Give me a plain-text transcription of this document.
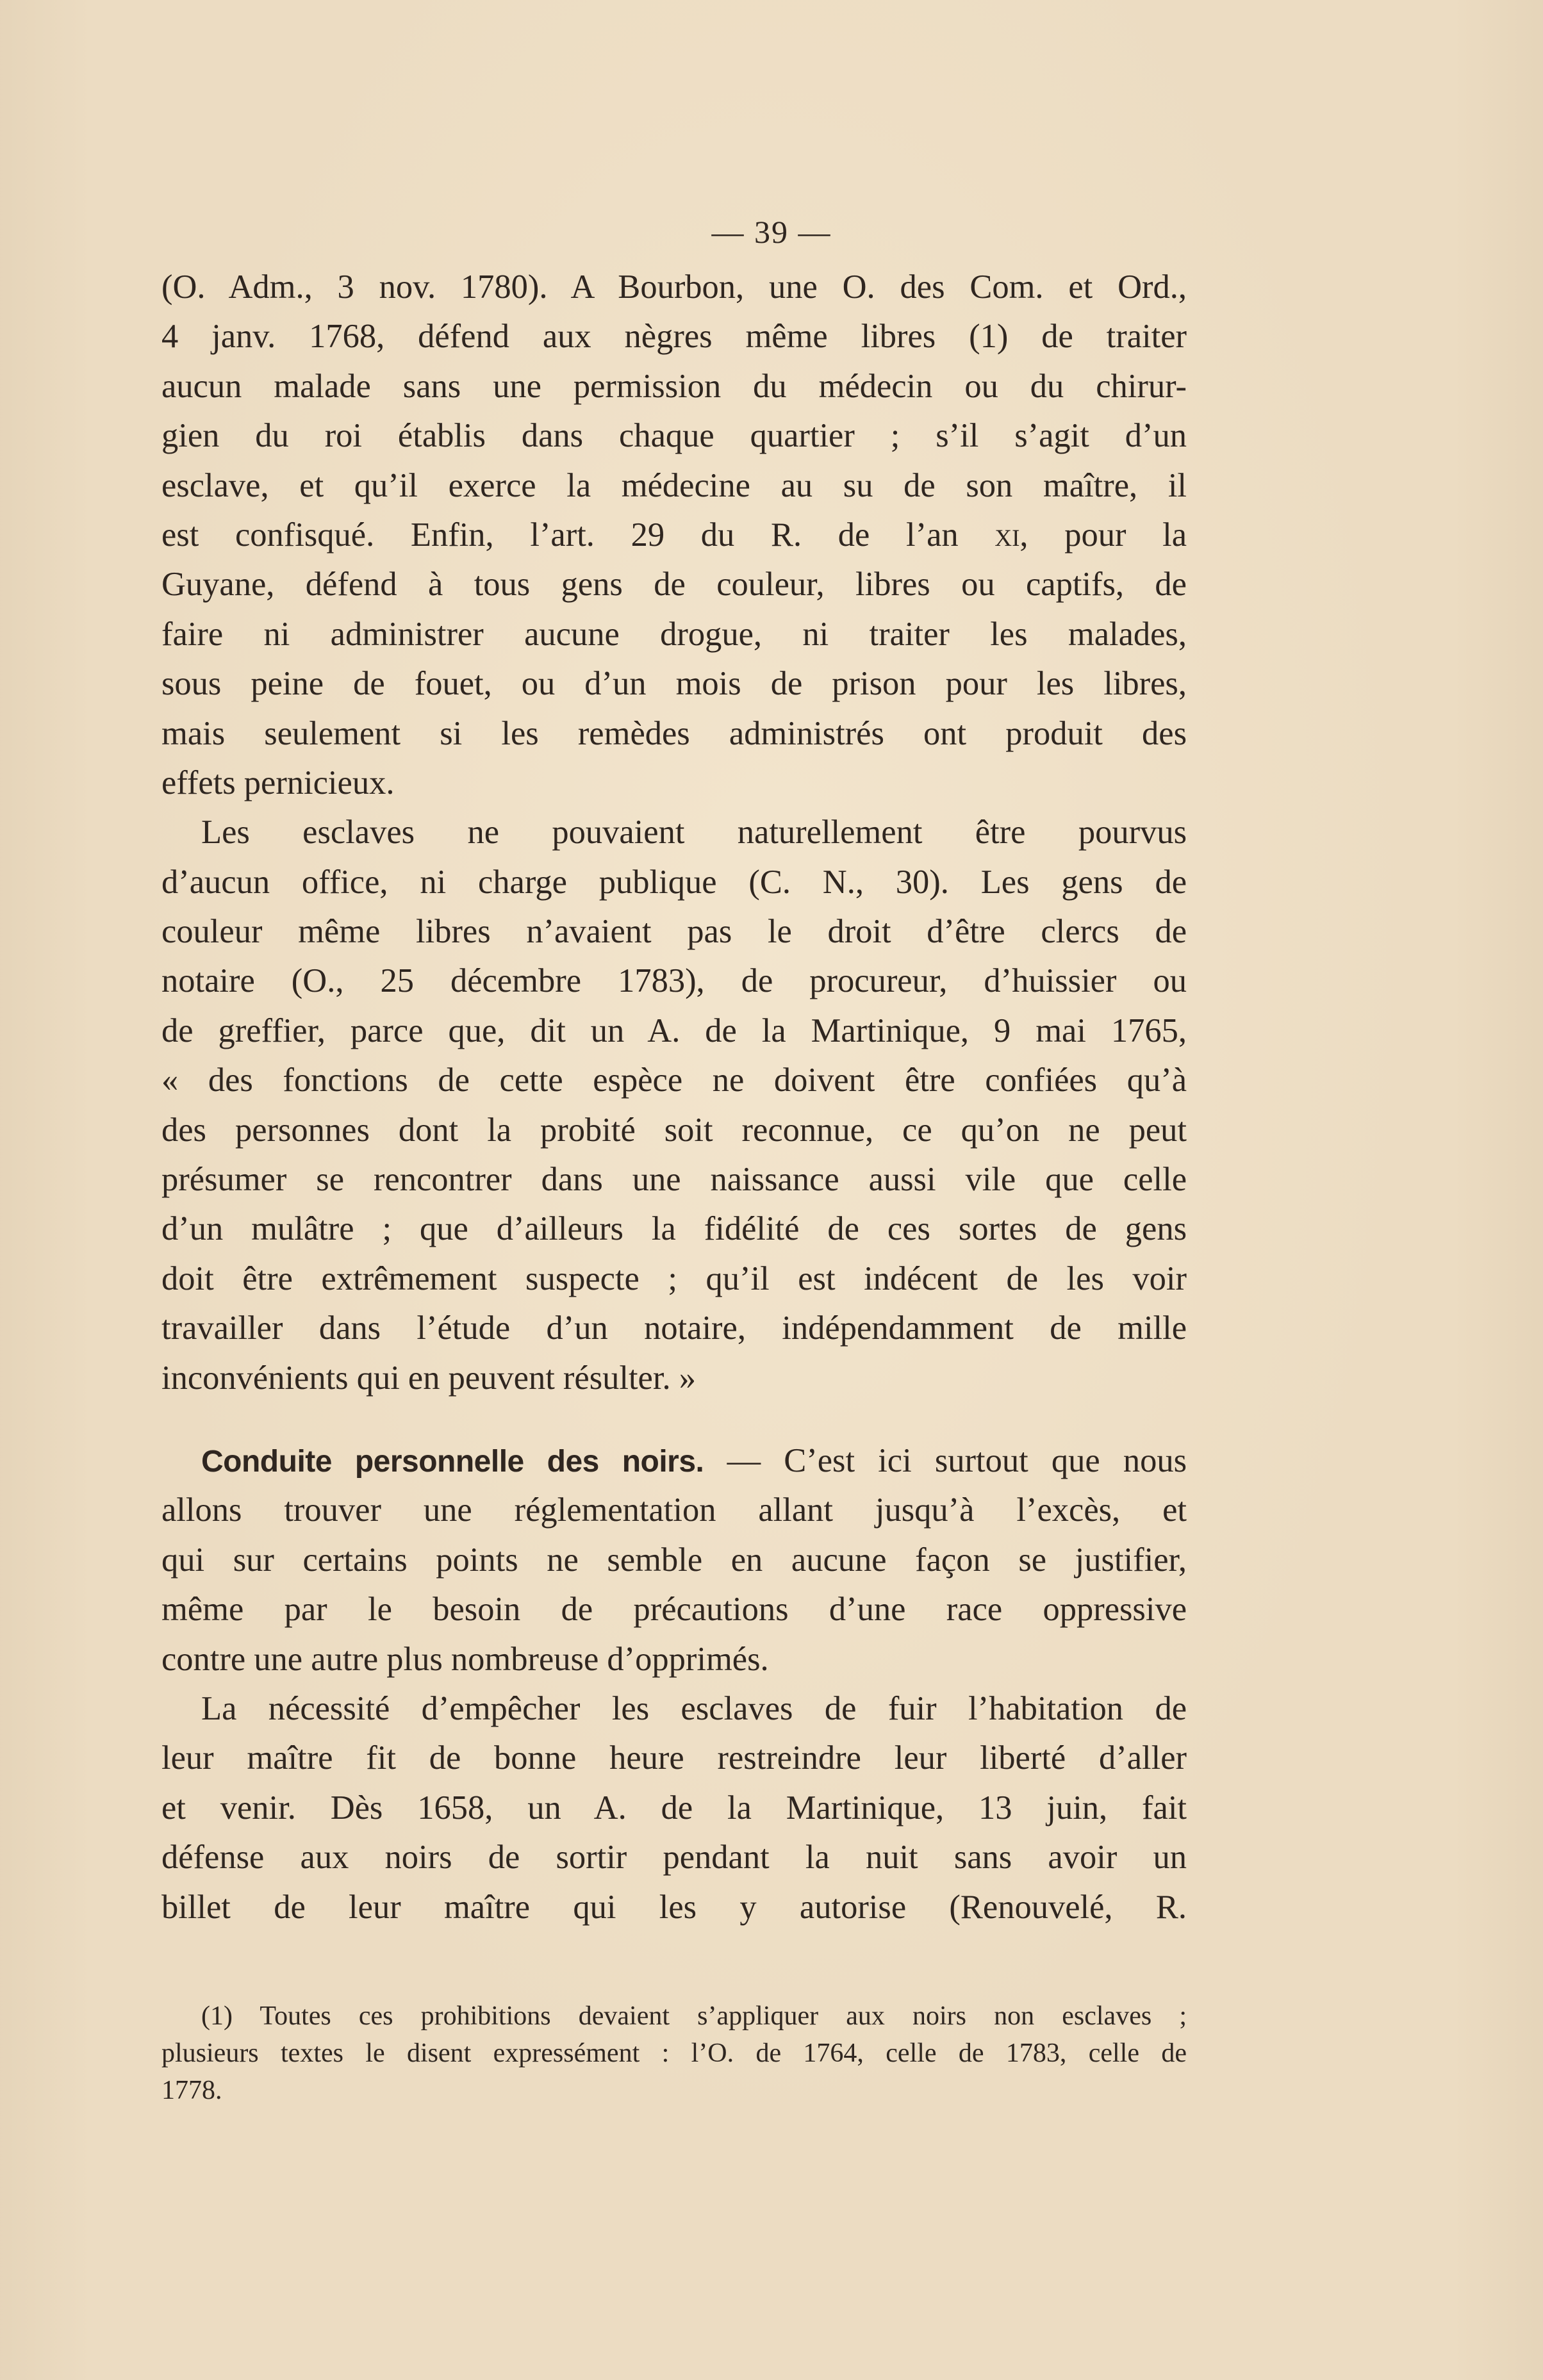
— 39 —
(O. Adm., 3 nov. 1780). A Bourbon, une O. des Com. et Ord.,
4 janv. 1768, défend aux nègres même libres (1) de traiter
aucun malade sans une permission du médecin ou du chirur-
gien du roi établis dans chaque quartier ; s’il s’agit d’un
esclave, et qu’il exerce la médecine au su de son maître, il
est confisqué. Enfin, l’art. 29 du R. de l’an xi, pour la
Guyane, défend à tous gens de couleur, libres ou captifs, de
faire ni administrer aucune drogue, ni traiter les malades,
sous peine de fouet, ou d’un mois de prison pour les libres,
mais seulement si les remèdes administrés ont produit des
effets pernicieux.
Les esclaves ne pouvaient naturellement être pourvus
d’aucun office, ni charge publique (C. N., 30). Les gens de
couleur même libres n’avaient pas le droit d’être clercs de
notaire (O., 25 décembre 1783), de procureur, d’huissier ou
de greffier, parce que, dit un A. de la Martinique, 9 mai 1765,
« des fonctions de cette espèce ne doivent être confiées qu’à
des personnes dont la probité soit reconnue, ce qu’on ne peut
présumer se rencontrer dans une naissance aussi vile que celle
d’un mulâtre ; que d’ailleurs la fidélité de ces sortes de gens
doit être extrêmement suspecte ; qu’il est indécent de les voir
travailler dans l’étude d’un notaire, indépendamment de mille
inconvénients qui en peuvent résulter. »
Conduite personnelle des noirs. — C’est ici surtout que nous
allons trouver une réglementation allant jusqu’à l’excès, et
qui sur certains points ne semble en aucune façon se justifier,
même par le besoin de précautions d’une race oppressive
contre une autre plus nombreuse d’opprimés.
La nécessité d’empêcher les esclaves de fuir l’habitation de
leur maître fit de bonne heure restreindre leur liberté d’aller
et venir. Dès 1658, un A. de la Martinique, 13 juin, fait
défense aux noirs de sortir pendant la nuit sans avoir un
billet de leur maître qui les y autorise (Renouvelé, R.
(1) Toutes ces prohibitions devaient s’appliquer aux noirs non esclaves ;
plusieurs textes le disent expressément : l’O. de 1764, celle de 1783, celle de
1778.
